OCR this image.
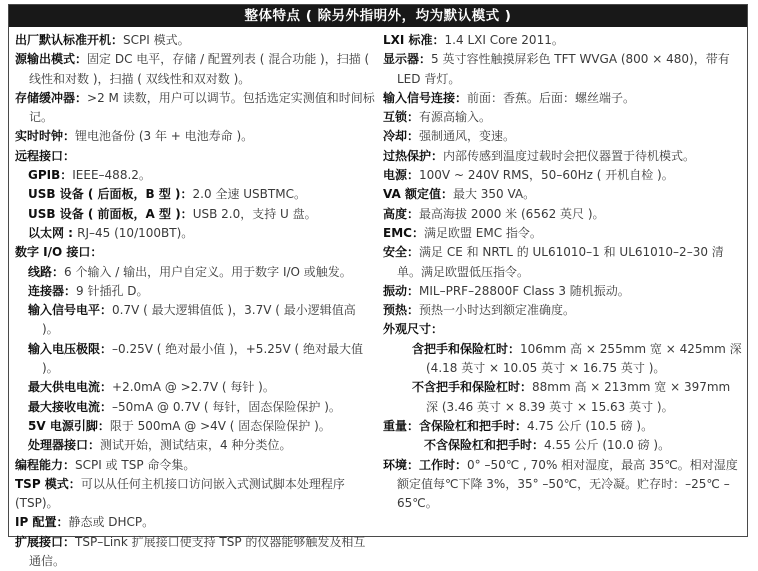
整体特点 ( 除另外指明外，均为默认模式 )

出厂默认标准开机：SCPI 模式。

源输出模式：固定 DC 电平，存储 / 配置列表 ( 混合功能 )，扫描 ( 线性和对数 )，扫描 ( 双线性和双对数 )。

存储缓冲器：>2 M 读数，用户可以调节。包括选定实测值和时间标记。

实时时钟：锂电池备份 (3 年 + 电池寿命 )。

远程接口：

GPIB：IEEE–488.2。

USB 设备 ( 后面板，B 型 )：2.0 全速 USBTMC。

USB 设备 ( 前面板，A 型 )：USB 2.0，支持 U 盘。

以太网 : RJ–45 (10/100BT)。

数字 I/O 接口：

线路：6 个输入 / 输出，用户自定义。用于数字 I/O 或触发。

连接器：9 针插孔 D。

输入信号电平：0.7V ( 最大逻辑值低 )，3.7V ( 最小逻辑值高 )。

输入电压极限：–0.25V ( 绝对最小值 )，+5.25V ( 绝对最大值 )。

最大供电电流：+2.0mA @ >2.7V ( 每针 )。

最大接收电流：–50mA @ 0.7V ( 每针，固态保险保护 )。

5V 电源引脚：限于 500mA @ >4V ( 固态保险保护 )。

处理器接口：测试开始，测试结束，4 种分类位。

编程能力：SCPI 或 TSP 命令集。

TSP 模式：可以从任何主机接口访问嵌入式测试脚本处理程序 (TSP)。

IP 配置：静态或 DHCP。

扩展接口：TSP–Link 扩展接口使支持 TSP 的仪器能够触发及相互通信。

LXI 标准：1.4 LXI Core 2011。

显示器：5 英寸容性触摸屏彩色 TFT WVGA (800 × 480)，带有 LED 背灯。

输入信号连接：前面：香蕉。后面：螺丝端子。

互锁：有源高输入。

冷却：强制通风，变速。

过热保护：内部传感到温度过载时会把仪器置于待机模式。

电源：100V ~ 240V RMS，50–60Hz ( 开机自检 )。

VA 额定值：最大 350 VA。

高度：最高海拔 2000 米 (6562 英尺 )。

EMC：满足欧盟 EMC 指令。

安全：满足 CE 和 NRTL 的 UL61010–1 和 UL61010–2–30 清单。满足欧盟低压指令。

振动：MIL–PRF–28800F Class 3 随机振动。

预热：预热一小时达到额定准确度。

外观尺寸：

含把手和保险杠时：106mm 高 × 255mm 宽 × 425mm 深 (4.18 英寸 × 10.05 英寸 × 16.75 英寸 )。

不含把手和保险杠时：88mm 高 × 213mm 宽 × 397mm 深 (3.46 英寸 × 8.39 英寸 × 15.63 英寸 )。

重量：含保险杠和把手时：4.75 公斤 (10.5 磅 )。

不含保险杠和把手时：4.55 公斤 (10.0 磅 )。

环境：工作时：0° –50℃ , 70% 相对湿度，最高 35℃。相对湿度额定值每℃下降 3%，35° –50℃，无冷凝。贮存时：–25℃ – 65℃。
